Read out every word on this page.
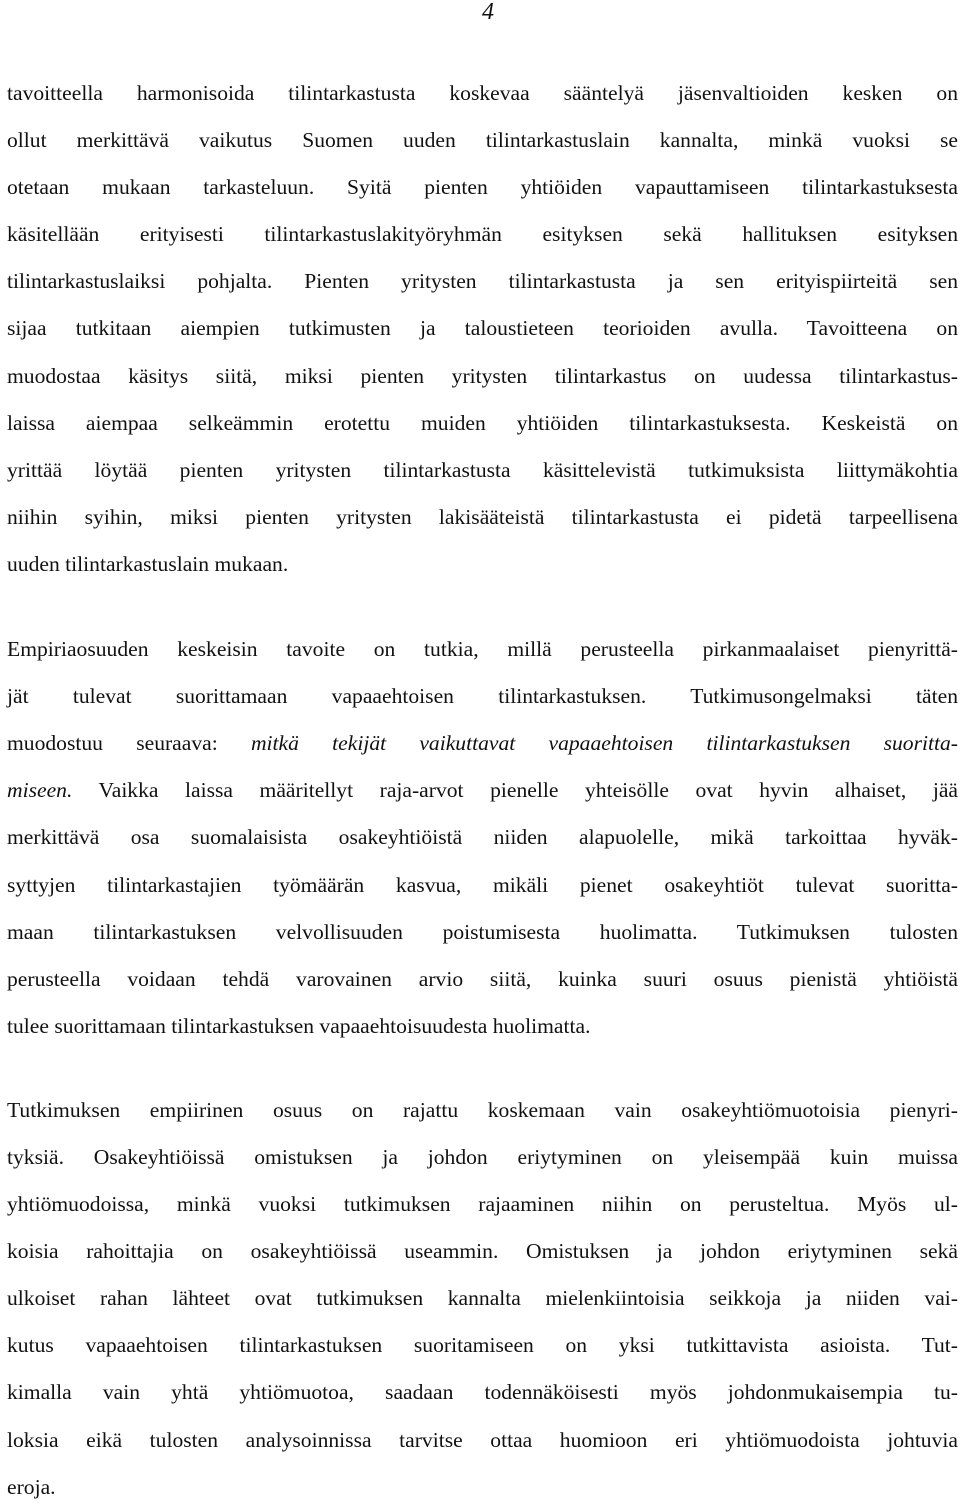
4

tavoitteella harmonisoida tilintarkastusta koskevaa sääntelyä jäsenvaltioiden kesken on
ollut merkittävä vaikutus Suomen uuden tilintarkastuslain kannalta, minkä vuoksi se
otetaan mukaan tarkasteluun. Syitä pienten yhtiöiden vapauttamiseen tilintarkastuksesta
käsitellään erityisesti tilintarkastuslakityöryhmän esityksen sekä hallituksen esityksen
tilintarkastuslaiksi pohjalta. Pienten yritysten tilintarkastusta ja sen erityispiirteitä sen
sijaa tutkitaan aiempien tutkimusten ja taloustieteen teorioiden avulla. Tavoitteena on
muodostaa käsitys siitä, miksi pienten yritysten tilintarkastus on uudessa tilintarkastus-
laissa aiempaa selkeämmin erotettu muiden yhtiöiden tilintarkastuksesta. Keskeistä on
yrittää löytää pienten yritysten tilintarkastusta käsittelevistä tutkimuksista liittymäkohtia
niihin syihin, miksi pienten yritysten lakisääteistä tilintarkastusta ei pidetä tarpeellisena
uuden tilintarkastuslain mukaan.

Empiriaosuuden keskeisin tavoite on tutkia, millä perusteella pirkanmaalaiset pienyrittä-
jät tulevat suorittamaan vapaaehtoisen tilintarkastuksen. Tutkimusongelmaksi täten
muodostuu seuraava: mitkä tekijät vaikuttavat vapaaehtoisen tilintarkastuksen suoritta-
miseen. Vaikka laissa määritellyt raja-arvot pienelle yhteisölle ovat hyvin alhaiset, jää
merkittävä osa suomalaisista osakeyhtiöistä niiden alapuolelle, mikä tarkoittaa hyväk-
syttyjen tilintarkastajien työmäärän kasvua, mikäli pienet osakeyhtiöt tulevat suoritta-
maan tilintarkastuksen velvollisuuden poistumisesta huolimatta. Tutkimuksen tulosten
perusteella voidaan tehdä varovainen arvio siitä, kuinka suuri osuus pienistä yhtiöistä
tulee suorittamaan tilintarkastuksen vapaaehtoisuudesta huolimatta.

Tutkimuksen empiirinen osuus on rajattu koskemaan vain osakeyhtiömuotoisia pienyri-
tyksiä. Osakeyhtiöissä omistuksen ja johdon eriytyminen on yleisempää kuin muissa
yhtiömuodoissa, minkä vuoksi tutkimuksen rajaaminen niihin on perusteltua. Myös ul-
koisia rahoittajia on osakeyhtiöissä useammin. Omistuksen ja johdon eriytyminen sekä
ulkoiset rahan lähteet ovat tutkimuksen kannalta mielenkiintoisia seikkoja ja niiden vai-
kutus vapaaehtoisen tilintarkastuksen suoritamiseen on yksi tutkittavista asioista. Tut-
kimalla vain yhtä yhtiömuotoa, saadaan todennäköisesti myös johdonmukaisempia tu-
loksia eikä tulosten analysoinnissa tarvitse ottaa huomioon eri yhtiömuodoista johtuvia
eroja.
